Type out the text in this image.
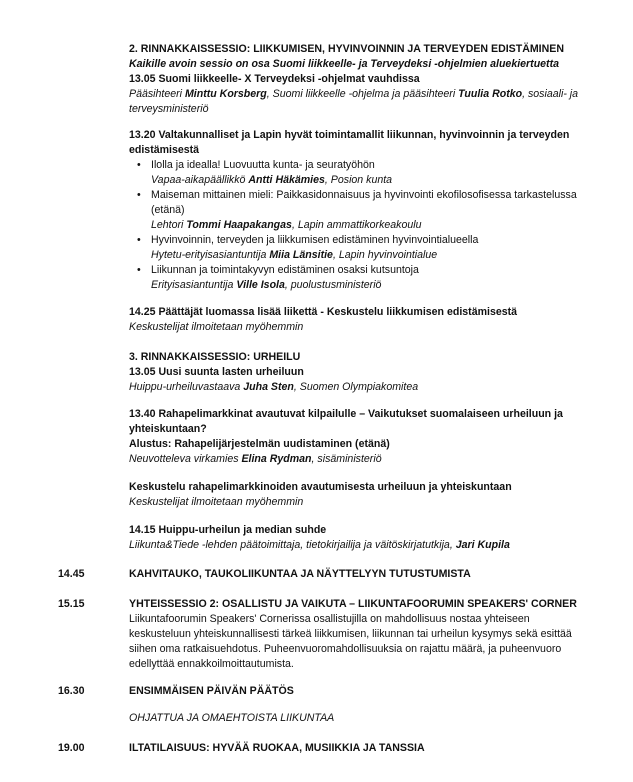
2. RINNAKKAISSESSIO: LIIKKUMISEN, HYVINVOINNIN JA TERVEYDEN EDISTÄMINEN
Kaikille avoin sessio on osa Suomi liikkeelle- ja Terveydeksi -ohjelmien aluekiertuetta
13.05 Suomi liikkeelle- X Terveydeksi -ohjelmat vauhdissa
Pääsihteeri Minttu Korsberg, Suomi liikkeelle -ohjelma ja pääsihteeri Tuulia Rotko, sosiaali- ja terveysministeriö
13.20 Valtakunnalliset ja Lapin hyvät toimintamallit liikunnan, hyvinvoinnin ja terveyden edistämisestä
• Ilolla ja idealla! Luovuutta kunta- ja seuratyöhön
Vapaa-aikapäällikkö Antti Häkämies, Posion kunta
• Maiseman mittainen mieli: Paikkasidonnaisuus ja hyvinvointi ekofilosofisessa tarkastelussa (etänä)
Lehtori Tommi Haapakangas, Lapin ammattikorkeakoulu
• Hyvinvoinnin, terveyden ja liikkumisen edistäminen hyvinvointialueella
Hytetu-erityisasiantuntija Miia Länsitie, Lapin hyvinvointialue
• Liikunnan ja toimintakyvyn edistäminen osaksi kutsuntoja
Erityisasiantuntija Ville Isola, puolustusministeriö
14.25 Päättäjät luomassa lisää liikettä - Keskustelu liikkumisen edistämisestä
Keskustelijat ilmoitetaan myöhemmin
3. RINNAKKAISSESSIO: URHEILU
13.05 Uusi suunta lasten urheiluun
Huippu-urheiluvastaava Juha Sten, Suomen Olympiakomitea
13.40 Rahapelimarkkinat avautuvat kilpailulle – Vaikutukset suomalaiseen urheiluun ja yhteiskuntaan?
Alustus: Rahapelijärjestelmän uudistaminen (etänä)
Neuvotteleva virkamies Elina Rydman, sisäministeriö
Keskustelu rahapelimarkkinoiden avautumisesta urheiluun ja yhteiskuntaan
Keskustelijat ilmoitetaan myöhemmin
14.15 Huippu-urheilun ja median suhde
Liikunta&Tiede -lehden päätoimittaja, tietokirjailija ja väitöskirjatutkija, Jari Kupila
14.45	KAHVITAUKO, TAUKOLIIKUNTAA JA NÄYTTELYYN TUTUSTUMISTA
15.15	YHTEISSESSIO 2: OSALLISTU JA VAIKUTA – LIIKUNTAFOORUMIN SPEAKERS' CORNER
Liikuntafoorumin Speakers' Cornerissa osallistujilla on mahdollisuus nostaa yhteiseen keskusteluun yhteiskunnallisesti tärkeä liikkumisen, liikunnan tai urheilun kysymys sekä esittää siihen oma ratkaisuehdotus. Puheenvuoromahdollisuuksia on rajattu määrä, ja puheenvuoro edellyttää ennakkoilmoittautumista.
16.30	ENSIMMÄISEN PÄIVÄN PÄÄTÖS
OHJATTUA JA OMAEHTOISTA LIIKUNTAA
19.00	ILTATILAISUUS: HYVÄÄ RUOKAA, MUSIIKKIA JA TANSSIA
